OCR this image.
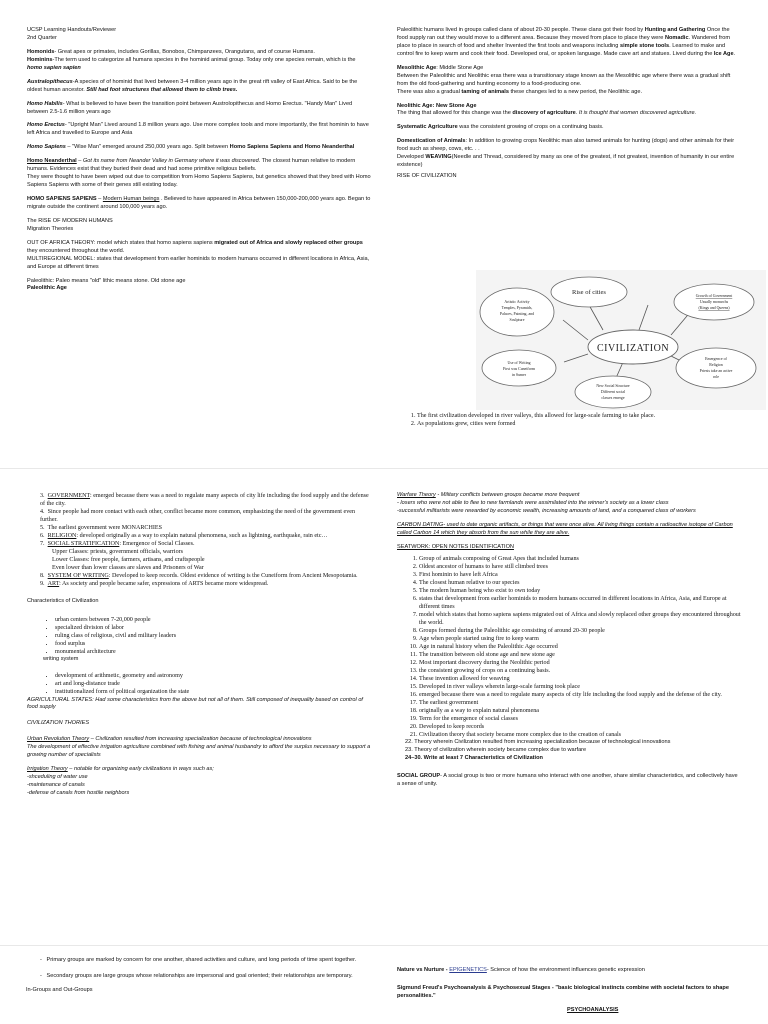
UCSP Learning Handouts/Reviewer
2nd Quarter

Homonids- Great apes or primates, includes Gorillas, Bonobos, Chimpanzees, Orangutans, and of course Humans.
Hominins-The term used to categorize all humans species in the hominid animal group. Today only one species remain, which is the homo sapien sapien

Australopithecus-A species of of hominid that lived between 3-4 million years ago in the great rift valley of East Africa. Said to be the oldest human ancestor. Still had foot structures that allowed them to climb trees.

Homo Habilis- What is believed to have been the transition point between Austrolopithecus and Homo Erectus. "Handy Man" Lived between 2.5-1.6 million years ago

Homo Erectus- "Upright Man" Lived around 1.8 million years ago. Use more complex tools and more importantly, the first hominin to have left Africa and travelled to Europe and Asia

Homo Sapiens – "Wise Man" emerged around 250,000 years ago. Split between Homo Sapiens Sapiens and Homo Neanderthal

Homo Neanderthal – Got its name from Neander Valley in Germany where it was discovered. The closest human relative to modern humans. Evidences exist that they buried their dead and had some primitive religious beliefs.
They were thought to have been wiped out due to competition from Homo Sapiens Sapiens, but genetics showed that they bred with Homo Sapiens Sapiens with some of their genes still existing today.

HOMO SAPIENS SAPIENS – Modern Human beings . Believed to have appeared in Africa between 150,000-200,000 years ago. Began to migrate outside the continent around 100,000 years ago.

The RISE OF MODERN HUMANS
Migration Theories

OUT OF AFRICA THEORY: model which states that homo sapiens sapiens migrated out of Africa and slowly replaced other groups they encountered throughout the world.
MULTIREGIONAL MODEL: states that development from earlier hominids to modern humans occurred in different locations in Africa, Asia, and Europe at different times

Paleolithic: Paleo means "old" lithic means stone. Old stone age
Paleolithic Age

Paleolithic humans lived in groups called clans of about 20-30 people. These clans got their food by Hunting and Gathering Once the food supply ran out they would move to a different area. Because they moved from place to place they were Nomadic. Wandered from place to place in search of food and shelter Invented the first tools and weapons including simple stone tools. Learned to make and control fire to keep warm and cook their food. Developed oral, or spoken language. Made cave art and statues. Lived during the Ice Age.

Mesolithic Age: Middle Stone Age
Between the Paleolithic and Neolithic eras there was a transitionary stage known as the Mesolithic age where there was a gradual shift from the old food-gathering and hunting economy to a food-producing one.
There was also a gradual taming of animals these changes led to a new period, the Neolithic age.

Neolithic Age: New Stone Age
The thing that allowed for this change was the discovery of agriculture. It is thought that women discovered agriculture.

Systematic Agriculture was the consistent growing of crops on a continuing basis.

Domestication of Animals: In addition to growing crops Neolithic man also tamed animals for hunting (dogs) and other animals for their food such as sheep, cows, etc. . .
Developed WEAVING(Needle and Thread, considered by many as one of the greatest, if not greatest, invention of humanity in our entire existence)

RISE OF CIVILIZATION

Rise of cities
CIVILIZATION
Artistic Activity
Temples, Pyramids,
Palaces, Painting, and
Sculpture
Use of Writing
First was Cuneiform
in Sumer
New Social Structure
Different social
classes emerge
Growth of Government
Usually monarchs
(Kings and Queens)
Emergence of
Religion
Priests take an active
role
1. The first civilization developed in river valleys, this allowed for large-scale farming to take place.
2. As populations grew, cities were formed
3. GOVERNMENT: emerged because there was a need to regulate many aspects of city life including the food supply and the defense of the city.
4. Since people had more contact with each other, conflict became more common, emphasizing the need of the government even further.
5. The earliest government were MONARCHIES
6. RELIGION: developed originally as a way to explain natural phenomena, such as lightning, earthquake, rain etc…
7. SOCIAL STRATIFICATION: Emergence of Social Classes.
Upper Classes: priests, government officials, warriors
Lower Classes: free people, farmers, artisans, and craftspeople
Even lower than lower classes are slaves and Prisoners of War
8. SYSTEM OF WRITING: Developed to keep records. Oldest evidence of writing is the Cuneiform from Ancient Mesopotamia.
9. ART: As society and people became safer, expressions of ARTS became more widespread.

Characteristics of Civilization

• urban centers between 7-20,000 people
• specialized division of labor
• ruling class of religious, civil and military leaders
• food surplus
• monumental architecture
writing system
• development of arithmetic, geometry and astronomy
• art and long-distance trade
• institutionalized form of political organization the state

AGRICULTURAL STATES: Had some characteristics from the above but not all of them. Still composed of inequality based on control of food supply

CIVILIZATION THORIES

Urban Revolution Theory – Civilization resulted from increasing specialization because of technological innovations
The development of effective irrigation agriculture combined with fishing and animal husbandry to afford the surplus necessary to support a growing number of specialists

Irrigation Theory – notable for organizing early civilizations in ways such as;
-shceduling of water use
-maintenance of canals
-defense of canals from hostile neighbors

Warfare Theory - Military conflicts between groups became more frequent
- losers who were not able to flee to new farmlands were assimilated into the winner's society as a lower class
-successful militarists were rewarded by economic wealth, increasing amounts of land, and a conquered class of workers

CARBON DATING- used to date organic artifacts, or things that were once alive. All living things contain a radioactive isotope of Carbon called Carbon 14 which they absorb from the sun while they are alive.

SEATWORK: OPEN NOTES IDENTIFICATION

1. Group of animals composing of Great Apes that included humans
2. Oldest ancestor of humans to have still climbed trees
3. First hominin to have left Africa
4. The closest human relative to our species
5. The modern human being who exist to own today
6. states that development from earlier hominids to modern humans occurred in different locations in Africa, Asia, and Europe at different times
7. model which states that homo sapiens sapiens migrated out of Africa and slowly replaced other groups they encountered throughout the world.
8. Groups formed during the Paleolithic age consisting of around 20-30 people
9. Age when people started using fire to keep warm
10. Age in natural history when the Paleolithic Age occurred
11. The transition between old stone age and new stone age
12. Most important discovery during the Neolithic period
13. the consistent growing of crops on a continuing basis.
14. These invention allowed for weaving
15. Developed in river valleys wherein large-scale farming took place
16. emerged because there was a need to regulate many aspects of city life including the food supply and the defense of the city.
17. The earliest government
18. originally as a way to explain natural phenomena
19. Term for the emergence of social classes
20. Developed to keep records
21. Civilization theory that society became more complex due to the creation of canals
22. Theory wherein Civilization resulted from increasing specialization because of technological innovations
23. Theory of civilization wherein society became complex due to warfare
24–30. Write at least 7 Characteristics of Civilization

SOCIAL GROUP- A social group is two or more humans who interact with one another, share similar characteristics, and collectively have a sense of unity.

-   Primary groups are marked by concern for one another, shared activities and culture, and long periods of time spent together.

-   Secondary groups are large groups whose relationships are impersonal and goal oriented; their relationships are temporary.

In-Groups and Out-Groups

Nature vs Nurture - EPIGENETICS- Science of how the environment influences genetic expression

Sigmund Freud's Psychoanalysis & Psychosexual Stages - "basic biological instincts combine with societal factors to shape personalities."

PSYCHOANALYSIS
